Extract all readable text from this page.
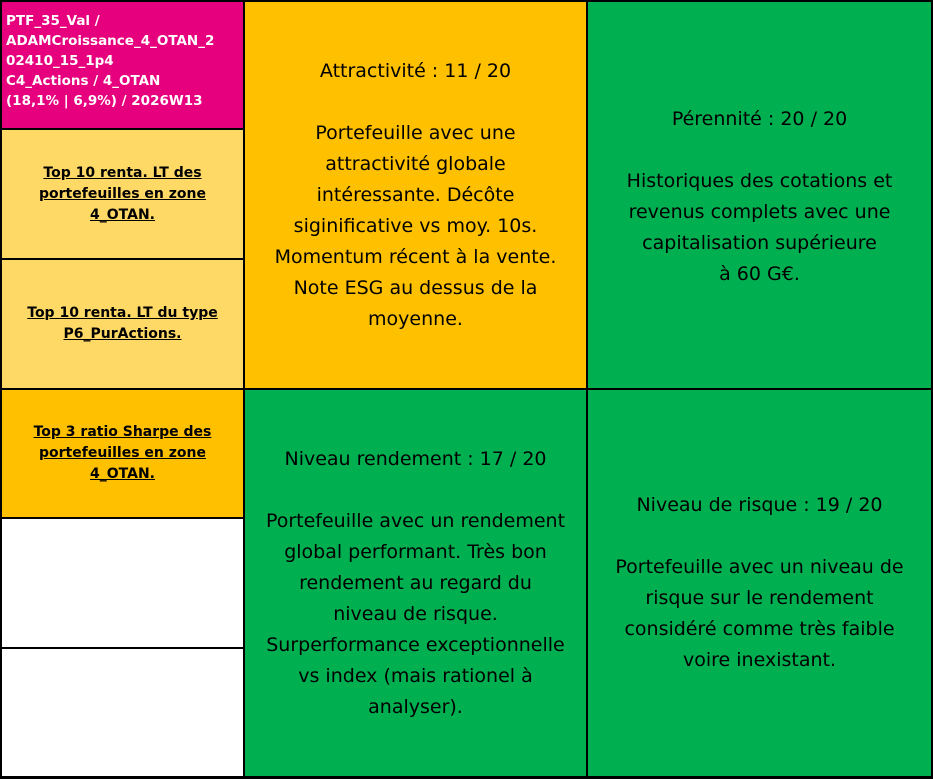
PTF_35_Val /
ADAMCroissance_4_OTAN_2
02410_15_1p4
C4_Actions / 4_OTAN
(18,1% | 6,9%) / 2026W13
Top 10 renta. LT des portefeuilles en zone 4_OTAN.
Top 10 renta. LT du type P6_PurActions.
Top 3 ratio Sharpe des portefeuilles en zone 4_OTAN.
Attractivité : 11 / 20
Portefeuille avec une
attractivité globale
intéressante. Décôte
siginificative vs moy. 10s.
Momentum récent à la vente.
Note ESG au dessus de la
moyenne.
Pérennité : 20 / 20
Historiques des cotations et
revenus complets avec une
capitalisation supérieure
à 60 G€.
Niveau rendement : 17 / 20
Portefeuille avec un rendement
global performant. Très bon
rendement au regard du
niveau de risque.
Surperformance exceptionnelle
vs index (mais rationel à
analyser).
Niveau de risque : 19 / 20
Portefeuille avec un niveau de
risque sur le rendement
considéré comme très faible
voire inexistant.
